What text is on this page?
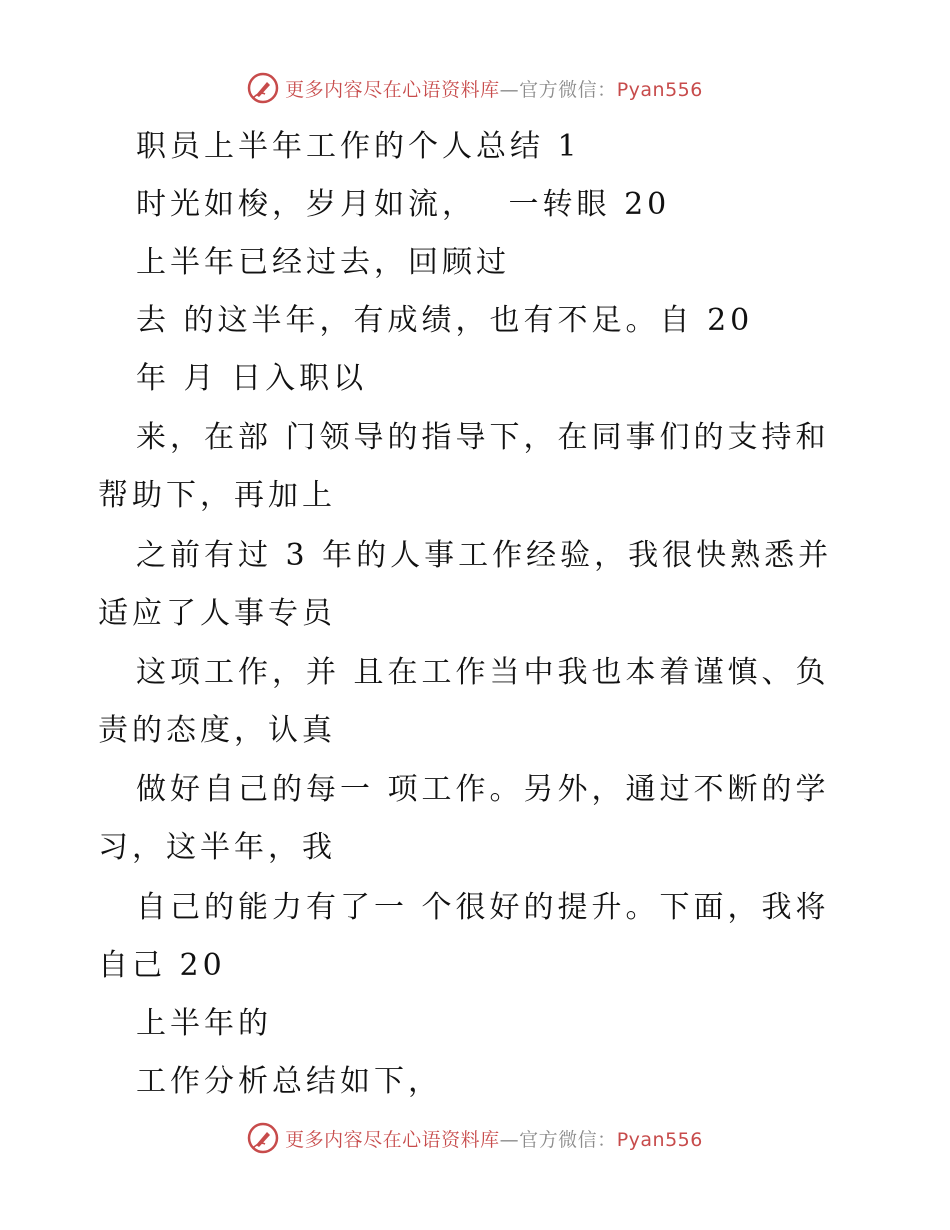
更多内容尽在心语资料库—官方微信：Pyan556
职员上半年工作的个人总结 1
时光如梭，岁月如流，　 一转眼 20
上半年已经过去，回顾过
去 的这半年，有成绩，也有不足。自 20
年 月 日入职以
来，在部 门领导的指导下，在同事们的支持和
帮助下，再加上
之前有过 3 年的人事工作经验，我很快熟悉并
适应了人事专员
这项工作，并 且在工作当中我也本着谨慎、负
责的态度，认真
做好自己的每一 项工作。另外，通过不断的学
习，这半年，我
自己的能力有了一 个很好的提升。下面，我将
自己 20
上半年的
工作分析总结如下，
更多内容尽在心语资料库—官方微信：Pyan556
